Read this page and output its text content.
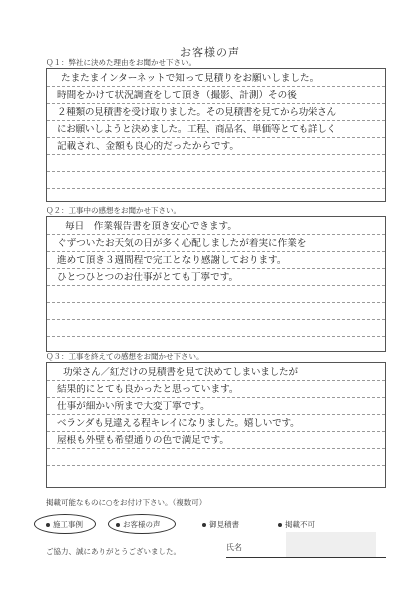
お客様の声
Ｑ１：弊社に決めた理由をお聞かせ下さい。
たまたまインターネットで知って見積りをお願いしました。
時間をかけて状況調査をして頂き（撮影、計測）その後
２種類の見積書を受け取りました。その見積書を見てから功栄さん
にお願いしようと決めました。工程、商品名、単価等とても詳しく
記載され、金額も良心的だったからです。
Ｑ２：工事中の感想をお聞かせ下さい。
毎日　作業報告書を頂き安心できます。
ぐずついたお天気の日が多く心配しましたが着実に作業を
進めて頂き３週間程で完工となり感謝しております。
ひとつひとつのお仕事がとても丁寧です。
Ｑ３：工事を終えての感想をお聞かせ下さい。
功栄さん／紅だけの見積書を見て決めてしまいましたが
結果的にとても良かったと思っています。
仕事が細かい所まで大変丁寧です。
ベランダも見違える程キレイになりました。嬉しいです。
屋根も外壁も希望通りの色で満足です。
掲載可能なものに○をお付け下さい。（複数可）
施工事例	お客様の声	御見積書	掲載不可
ご協力、誠にありがとうございました。	氏名
